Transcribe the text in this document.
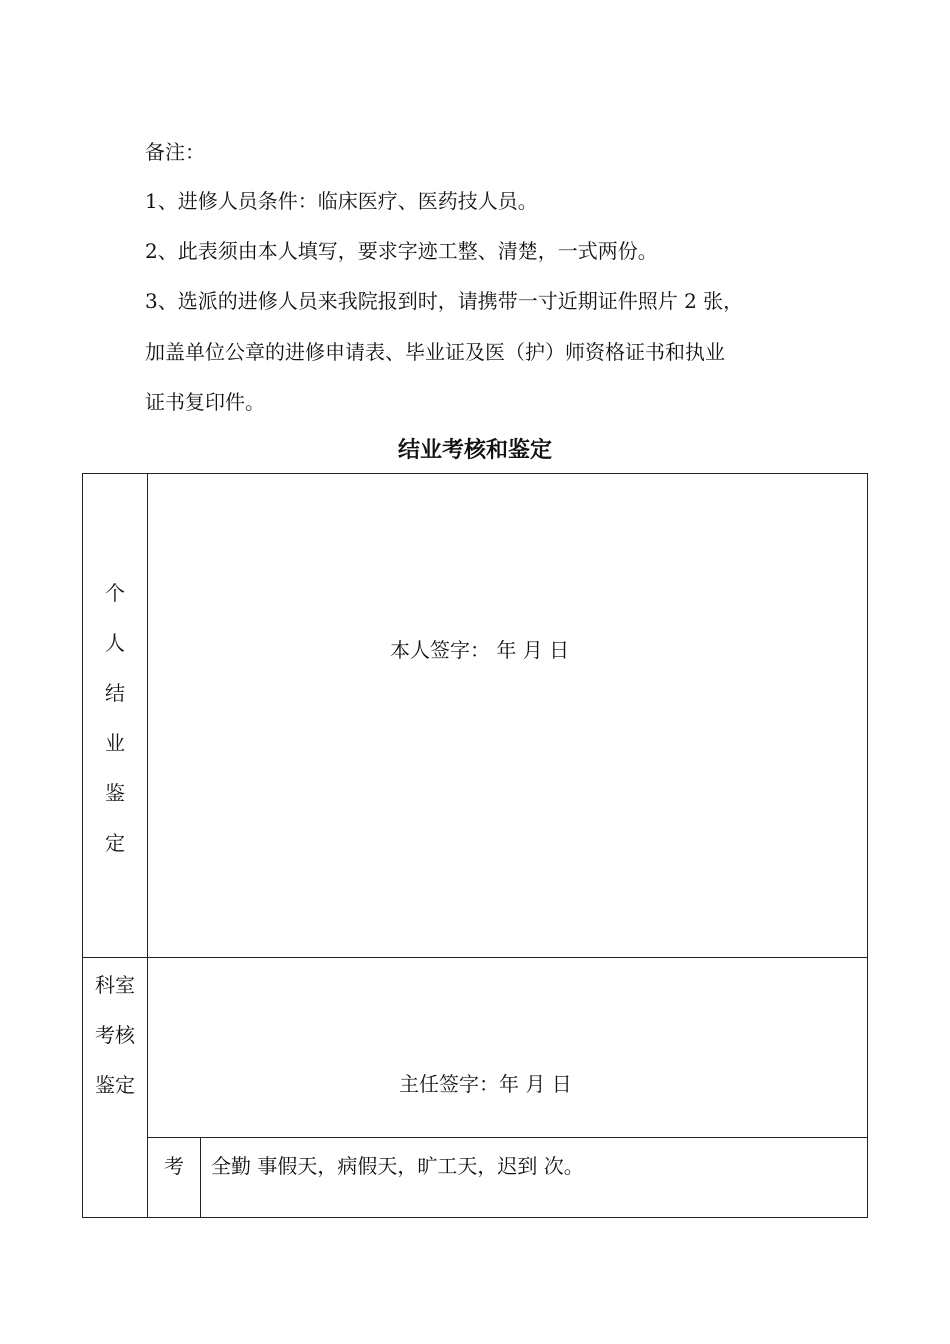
备注：
1、进修人员条件：临床医疗、医药技人员。
2、此表须由本人填写，要求字迹工整、清楚，一式两份。
3、选派的进修人员来我院报到时，请携带一寸近期证件照片 2 张，
加盖单位公章的进修申请表、毕业证及医（护）师资格证书和执业
证书复印件。
结业考核和鉴定
个
人
结
业
鉴
定
本人签字： 年 月 日
科室
考核
鉴定	主任签字：年 月 日
考 全勤 事假天，病假天，旷工天，迟到 次。
